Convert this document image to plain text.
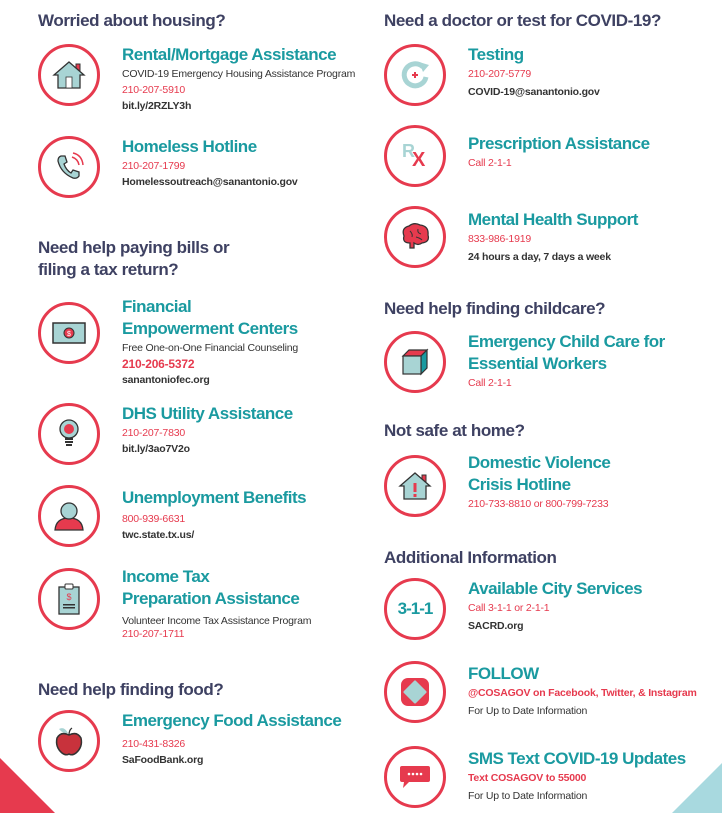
Worried about housing?
Rental/Mortgage Assistance
COVID-19 Emergency Housing Assistance Program
210-207-5910
bit.ly/2RZLY3h
Homeless Hotline
210-207-1799
Homelessoutreach@sanantonio.gov
Need help paying bills or
filing a tax return?
$
Financial
Empowerment Centers
Free One-on-One Financial Counseling
210-206-5372
sanantoniofec.org
DHS Utility Assistance
210-207-7830
bit.ly/3ao7V2o
Unemployment Benefits
800-939-6631
twc.state.tx.us/
$
Income Tax
Preparation Assistance
Volunteer Income Tax Assistance Program
210-207-1711
Need help finding food?
Emergency Food Assistance
210-431-8326
SaFoodBank.org
Need a doctor or test for COVID-19?
Testing
210-207-5779
COVID-19@sanantonio.gov
R
X
Prescription Assistance
Call 2-1-1
Mental Health Support
833-986-1919
24 hours a day, 7 days a week
Need help finding childcare?
Emergency Child Care for
Essential Workers
Call 2-1-1
Not safe at home?
Domestic Violence
Crisis Hotline
210-733-8810 or 800-799-7233
Additional Information
3-1-1
Available City Services
Call 3-1-1 or 2-1-1
SACRD.org
FOLLOW
@COSAGOV on Facebook, Twitter, & Instagram
For Up to Date Information
SMS Text COVID-19 Updates
Text COSAGOV to 55000
For Up to Date Information
